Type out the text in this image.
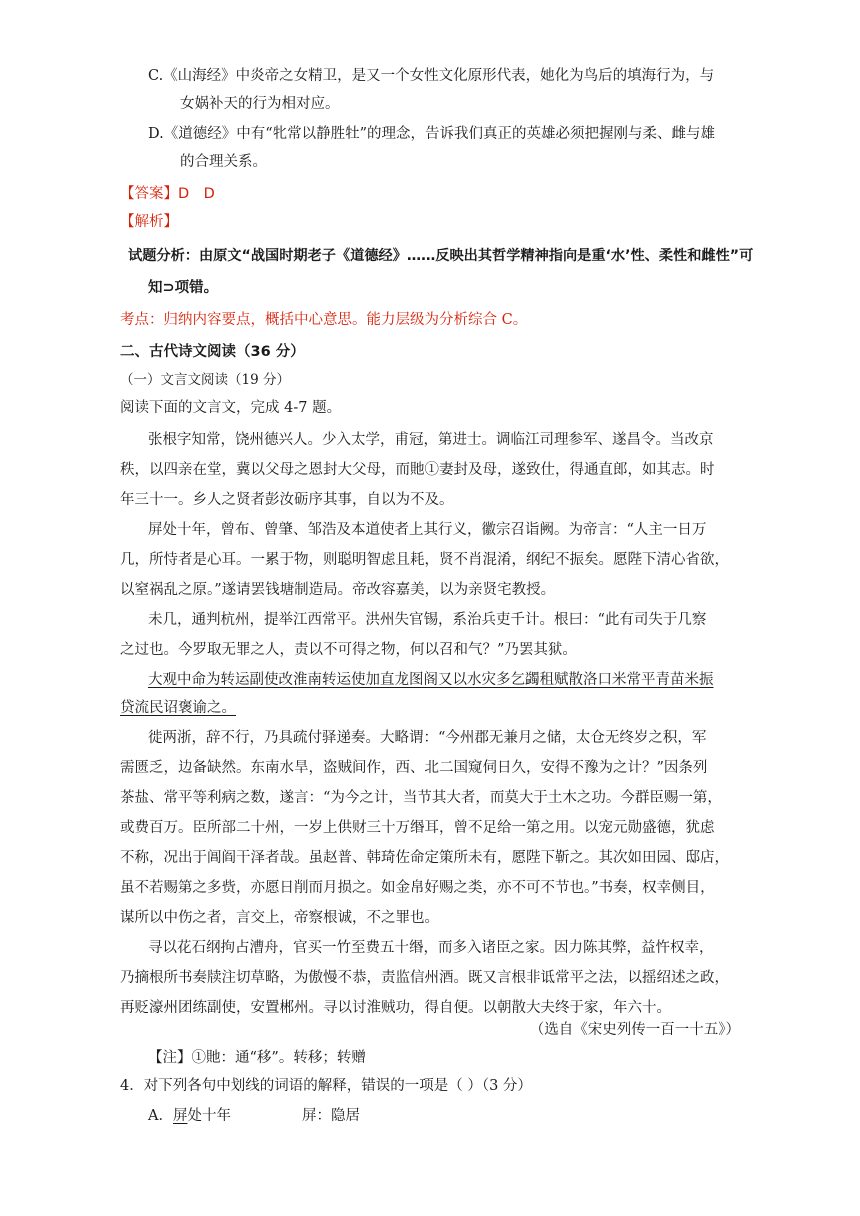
C.《山海经》中炎帝之女精卫，是又一个女性文化原形代表，她化为鸟后的填海行为，与
女娲补天的行为相对应。
D.《道德经》中有“牝常以静胜牡”的理念，告诉我们真正的英雄必须把握刚与柔、雌与雄
的合理关系。
【答案】D　D
【解析】
试题分析：由原文“战国时期老子《道德经》……反映出其哲学精神指向是重‘水’性、柔性和雌性”可
知⊃项错。
考点：归纳内容要点，概括中心意思。能力层级为分析综合 C。
二、古代诗文阅读（36 分）
（一）文言文阅读（19 分）
阅读下面的文言文，完成 4-7 题。
张根字知常，饶州德兴人。少入太学，甫冠，第进士。调临江司理参军、遂昌令。当改京
秩，以四亲在堂，冀以父母之恩封大父母，而貤①妻封及母，遂致仕，得通直郎，如其志。时
年三十一。乡人之贤者彭汝砺序其事，自以为不及。
屏处十年，曾布、曾肇、邹浩及本道使者上其行义，徽宗召诣阙。为帝言：“人主一日万
几，所恃者是心耳。一累于物，则聪明智虑且耗，贤不肖混淆，纲纪不振矣。愿陛下清心省欲，
以窒祸乱之原。”遂请罢钱塘制造局。帝改容嘉美，以为亲贤宅教授。
未几，通判杭州，提举江西常平。洪州失官锡，系治兵吏千计。根曰：“此有司失于几察
之过也。今罗取无罪之人，责以不可得之物，何以召和气？”乃罢其狱。
大观中命为转运副使改淮南转运使加直龙图阁又以水灾多乞蠲租赋散洛口米常平青苗米振
贷流民诏褒谕之。
徙两浙，辞不行，乃具疏付驿递奏。大略谓：“今州郡无兼月之储，太仓无终岁之积，军
需匮乏，边备缺然。东南水旱，盗贼间作，西、北二国窥伺日久，安得不豫为之计？”因条列
茶盐、常平等利病之数，遂言：“为今之计，当节其大者，而莫大于土木之功。今群臣赐一第，
或费百万。臣所部二十州，一岁上供财三十万缗耳，曾不足给一第之用。以宠元勋盛德，犹虑
不称，况出于阊阎干泽者哉。虽赵普、韩琦佐命定策所未有，愿陛下靳之。其次如田园、邸店，
虽不若赐第之多赀，亦愿日削而月损之。如金帛好赐之类，亦不可不节也。”书奏，权幸侧目，
谋所以中伤之者，言交上，帝察根诚，不之罪也。
寻以花石纲拘占漕舟，官买一竹至费五十缗，而多入诸臣之家。因力陈其弊，益忤权幸，
乃摘根所书奏牍注切草略，为傲慢不恭，责监信州酒。既又言根非诋常平之法，以摇绍述之政，
再贬濠州团练副使，安置郴州。寻以讨淮贼功，得自便。以朝散大夫终于家，年六十。
（选自《宋史列传一百一十五》）
【注】①貤：通“移”。转移；转赠
4．对下列各句中划线的词语的解释，错误的一项是（ ）（3 分）
A．屏处十年	屏：隐居
